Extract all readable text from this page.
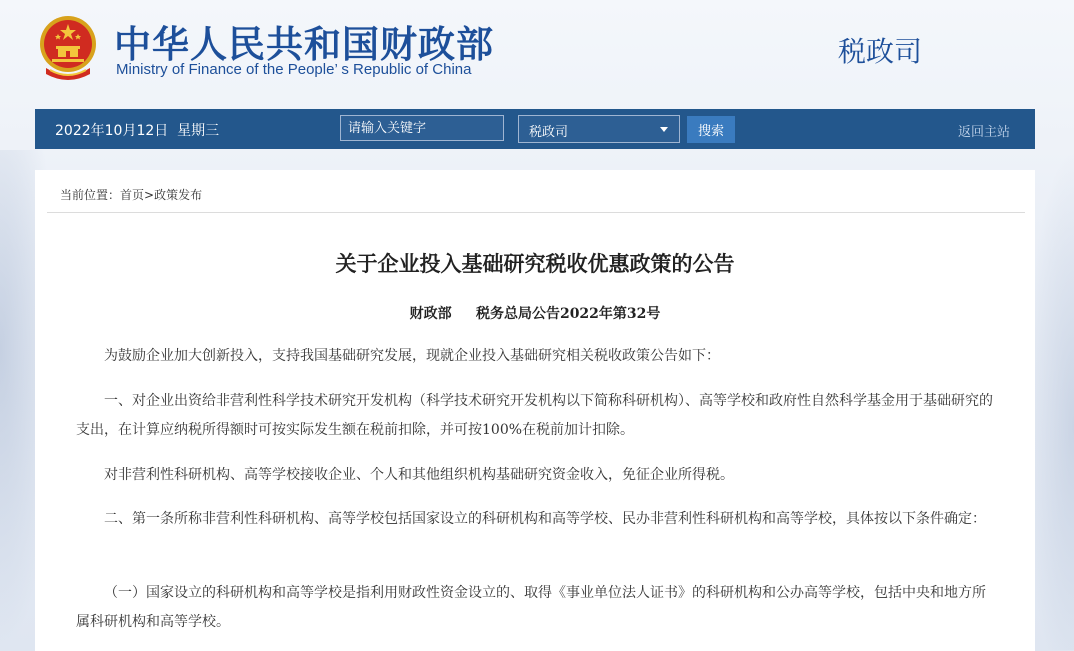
中华人民共和国财政部
Ministry of Finance of the People’ s Republic of China
税政司
2022年10月12日  星期三
请输入关键字	税政司	搜索	返回主站
当前位置：首页>政策发布
关于企业投入基础研究税收优惠政策的公告
财政部     税务总局公告2022年第32号

为鼓励企业加大创新投入，支持我国基础研究发展，现就企业投入基础研究相关税收政策公告如下：

一、对企业出资给非营利性科学技术研究开发机构（科学技术研究开发机构以下简称科研机构）、高等学校和政府性自然科学基金用于基础研究的支出，在计算应纳税所得额时可按实际发生额在税前扣除，并可按100%在税前加计扣除。

对非营利性科研机构、高等学校接收企业、个人和其他组织机构基础研究资金收入，免征企业所得税。

二、第一条所称非营利性科研机构、高等学校包括国家设立的科研机构和高等学校、民办非营利性科研机构和高等学校，具体按以下条件确定：

（一）国家设立的科研机构和高等学校是指利用财政性资金设立的、取得《事业单位法人证书》的科研机构和公办高等学校，包括中央和地方所属科研机构和高等学校。
